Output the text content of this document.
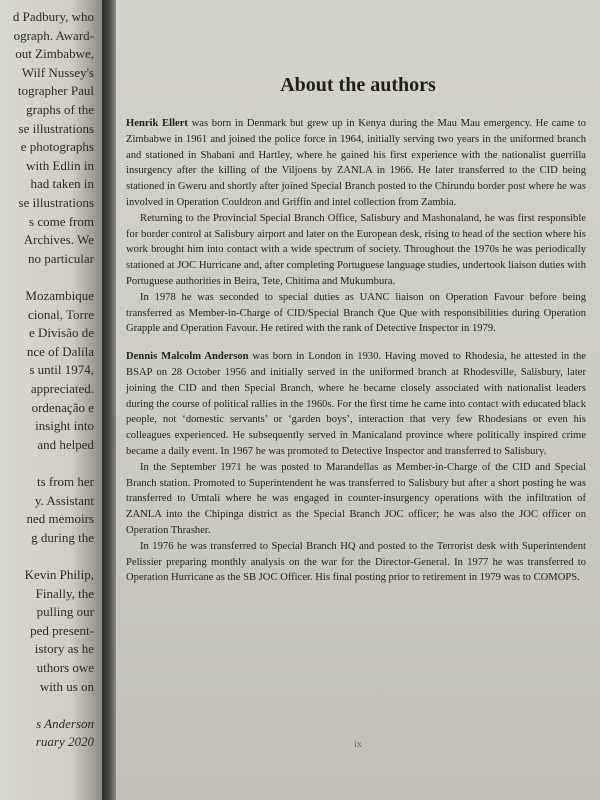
d Padbury, who
ograph. Award-
out Zimbabwe,
Wilf Nussey's
tographer Paul
graphs of the
se illustrations
e photographs
with Edlin in
had taken in
se illustrations
s come from
Archives. We
no particular
Mozambique
cional, Torre
e Divisão de
nce of Dalila
s until 1974,
appreciated.
ordenação e
insight into
and helped
ts from her
y. Assistant
ned memoirs
g during the
Kevin Philip,
Finally, the
pulling our
ped present-
istory as he
uthors owe
with us on
s Anderson
ruary 2020
About the authors

Henrik Ellert was born in Denmark but grew up in Kenya during the Mau Mau emergency. He came to Zimbabwe in 1961 and joined the police force in 1964, initially serving two years in the uniformed branch and stationed in Shabani and Hartley, where he gained his first experience with the nationalist guerrilla insurgency after the killing of the Viljoens by ZANLA in 1966. He later transferred to the CID being stationed in Gweru and shortly after joined Special Branch posted to the Chirundu border post where he was involved in Operation Couldron and Griffin and intel collection from Zambia.

Returning to the Provincial Special Branch Office, Salisbury and Mashonaland, he was first responsible for border control at Salisbury airport and later on the European desk, rising to head of the section where his work brought him into contact with a wide spectrum of society. Throughout the 1970s he was periodically stationed at JOC Hurricane and, after completing Portuguese language studies, undertook liaison duties with Portuguese authorities in Beira, Tete, Chitima and Mukumbura.

In 1978 he was seconded to special duties as UANC liaison on Operation Favour before being transferred as Member-in-Charge of CID/Special Branch Que Que with responsibilities during Operation Grapple and Operation Favour. He retired with the rank of Detective Inspector in 1979.

Dennis Malcolm Anderson was born in London in 1930. Having moved to Rhodesia, he attested in the BSAP on 28 October 1956 and initially served in the uniformed branch at Rhodesville, Salisbury, later joining the CID and then Special Branch, where he became closely associated with nationalist leaders during the course of political rallies in the 1960s. For the first time he came into contact with educated black people, not ‘domestic servants’ or ‘garden boys’, interaction that very few Rhodesians or even his colleagues experienced. He subsequently served in Manicaland province where politically inspired crime became a daily event. In 1967 he was promoted to Detective Inspector and transferred to Salisbury.

In the September 1971 he was posted to Marandellas as Member-in-Charge of the CID and Special Branch station. Promoted to Superintendent he was transferred to Salisbury but after a short posting he was transferred to Umtali where he was engaged in counter-insurgency operations with the infiltration of ZANLA into the Chipinga district as the Special Branch JOC officer; he was also the JOC officer on Operation Thrasher.

In 1976 he was transferred to Special Branch HQ and posted to the Terrorist desk with Superintendent Pelissier preparing monthly analysis on the war for the Director-General. In 1977 he was transferred to Operation Hurricane as the SB JOC Officer. His final posting prior to retirement in 1979 was to COMOPS.

ix
